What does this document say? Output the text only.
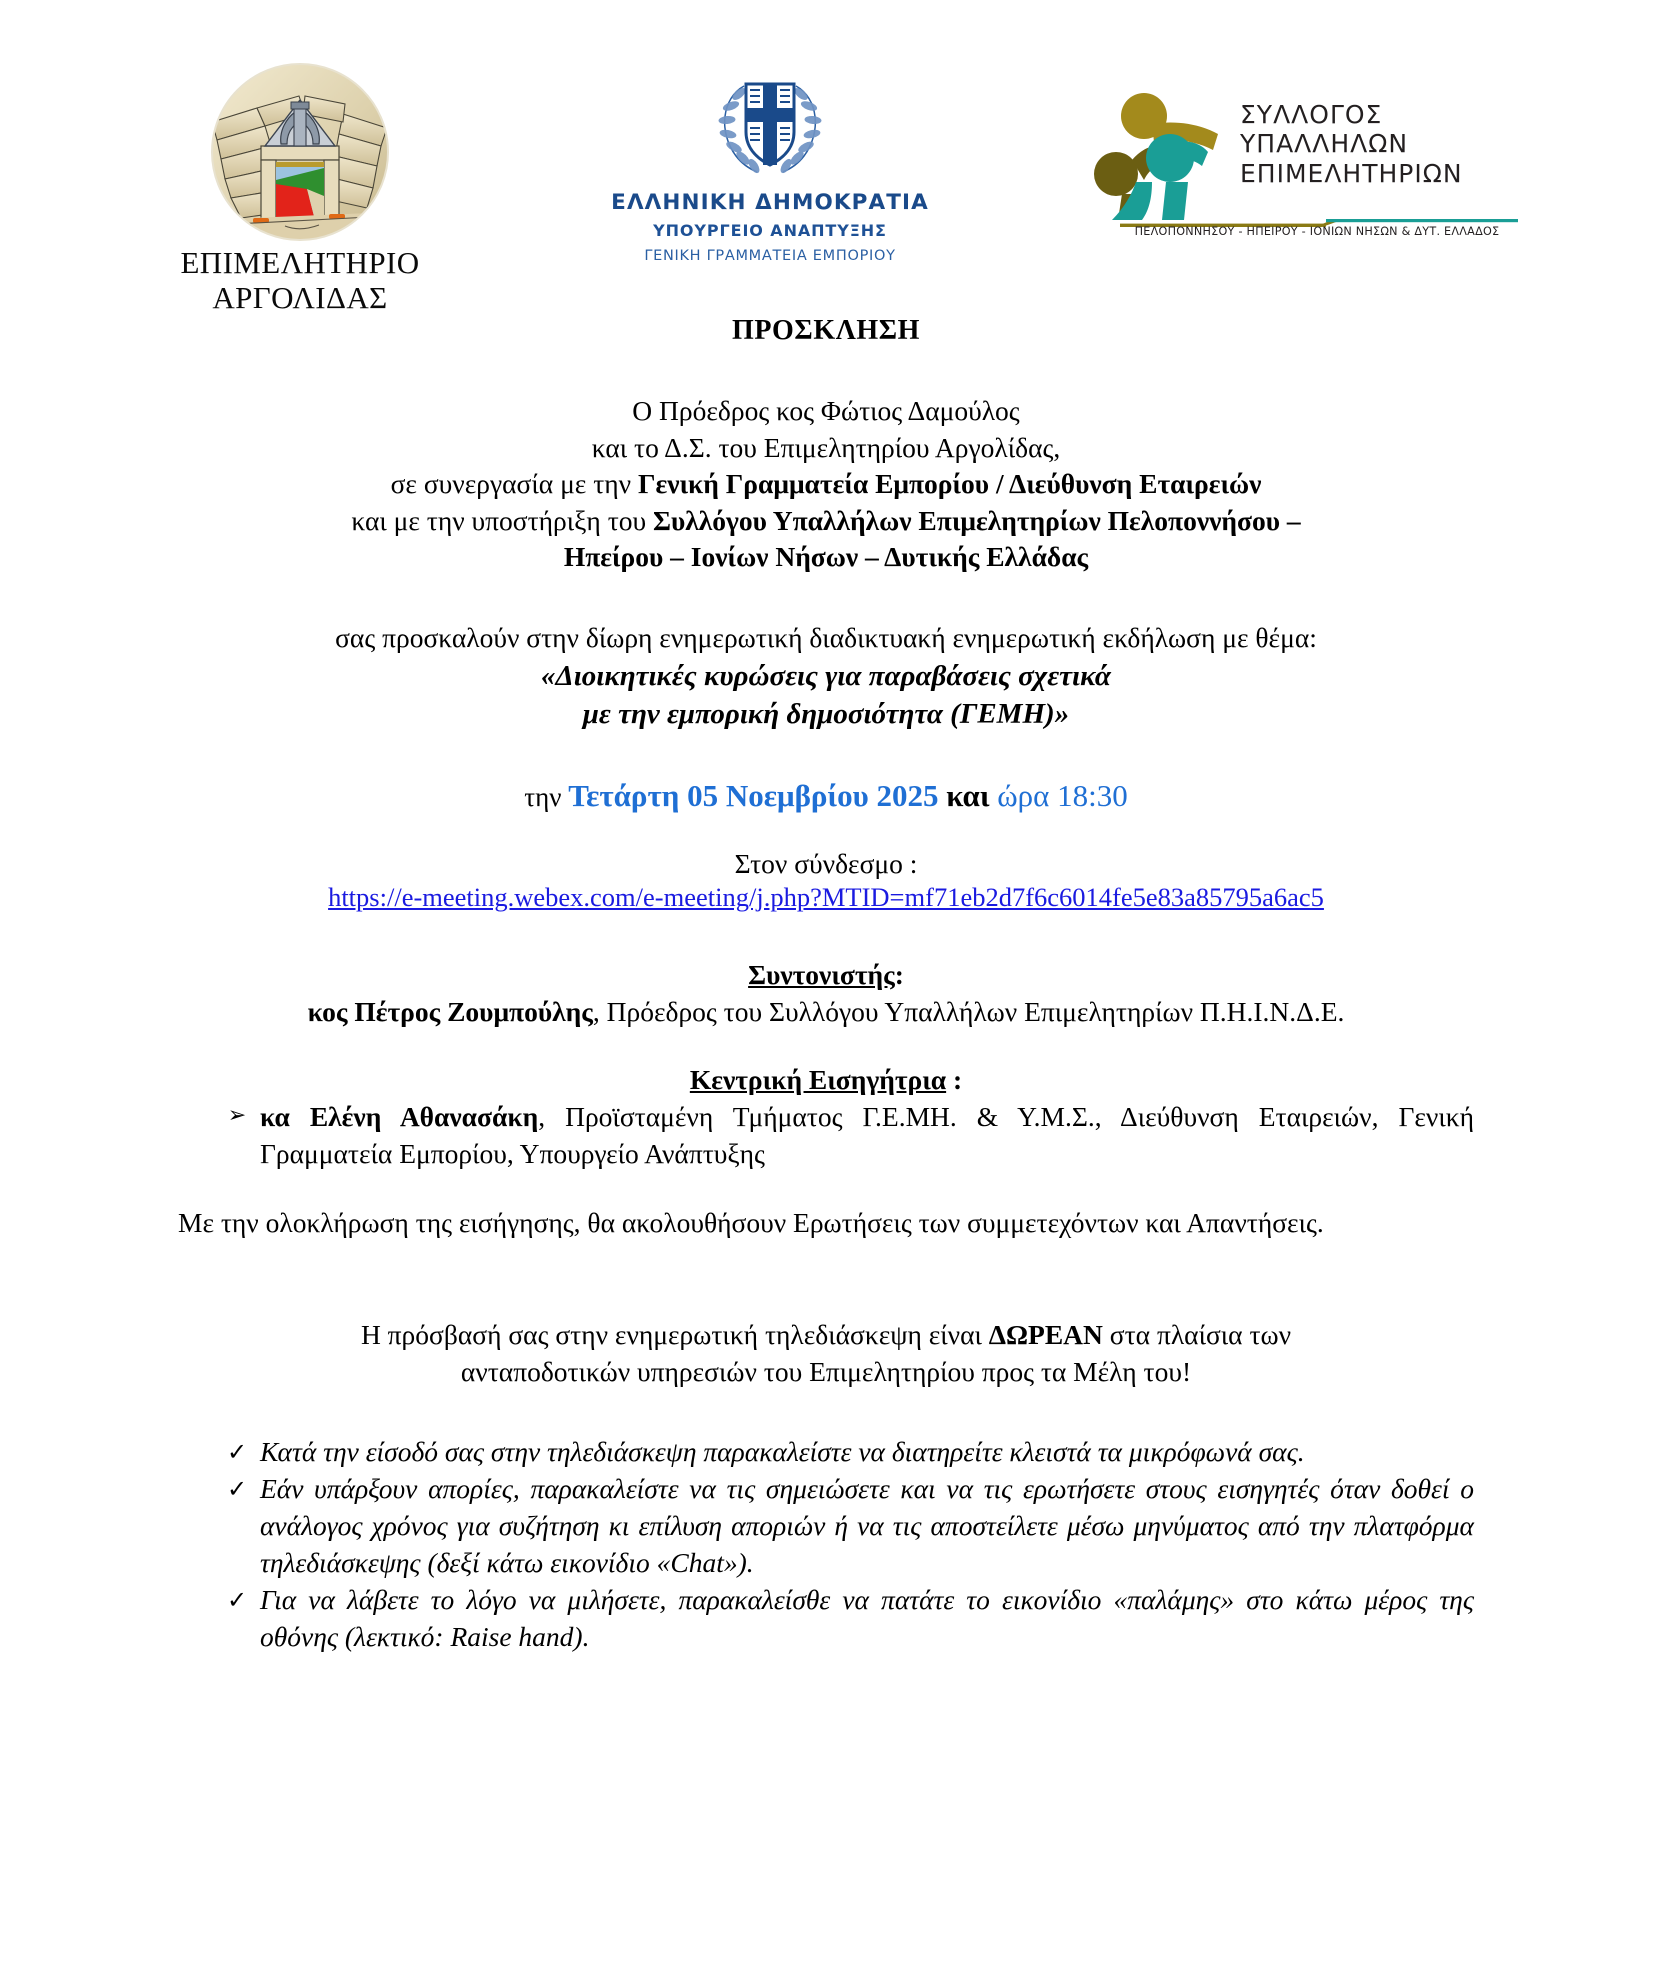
ΕΠΙΜΕΛΗΤΗΡΙΟ
ΑΡΓΟΛΙΔΑΣ
ΕΛΛΗΝΙΚΗ ΔΗΜΟΚΡΑΤΙΑ
ΥΠΟΥΡΓΕΙΟ ΑΝΑΠΤΥΞΗΣ
ΓΕΝΙΚΗ ΓΡΑΜΜΑΤΕΙΑ ΕΜΠΟΡΙΟΥ
ΣΥΛΛΟΓΟΣ
ΥΠΑΛΛΗΛΩΝ
ΕΠΙΜΕΛΗΤΗΡΙΩΝ
ΠΕΛΟΠΟΝΝΗΣΟΥ - ΗΠΕΙΡΟΥ - ΙΟΝΙΩΝ ΝΗΣΩΝ & ΔΥΤ. ΕΛΛΑΔΟΣ
ΠΡΟΣΚΛΗΣΗ
Ο Πρόεδρος κος Φώτιος Δαμούλος
και το Δ.Σ. του Επιμελητηρίου Αργολίδας,
σε συνεργασία με την Γενική Γραμματεία Εμπορίου / Διεύθυνση Εταιρειών
και με την υποστήριξη του Συλλόγου Υπαλλήλων Επιμελητηρίων Πελοποννήσου –
Ηπείρου – Ιονίων Νήσων – Δυτικής Ελλάδας
σας προσκαλούν στην δίωρη ενημερωτική διαδικτυακή ενημερωτική εκδήλωση με θέμα:
«Διοικητικές κυρώσεις για παραβάσεις σχετικά
με την εμπορική δημοσιότητα (ΓΕΜΗ)»
την Τετάρτη 05 Νοεμβρίου 2025 και ώρα 18:30
Στον σύνδεσμο :
https://e-meeting.webex.com/e-meeting/j.php?MTID=mf71eb2d7f6c6014fe5e83a85795a6ac5
Συντονιστής:
κος Πέτρος Ζουμπούλης, Πρόεδρος του Συλλόγου Υπαλλήλων Επιμελητηρίων Π.Η.Ι.Ν.Δ.Ε.
Κεντρική Εισηγήτρια :
➢ κα Ελένη Αθανασάκη, Προϊσταμένη Τμήματος Γ.Ε.ΜΗ. & Υ.Μ.Σ., Διεύθυνση Εταιρειών, Γενική Γραμματεία Εμπορίου, Υπουργείο Ανάπτυξης
Με την ολοκλήρωση της εισήγησης, θα ακολουθήσουν Ερωτήσεις των συμμετεχόντων και Απαντήσεις.
Η πρόσβασή σας στην ενημερωτική τηλεδιάσκεψη είναι ΔΩΡΕΑΝ στα πλαίσια των
ανταποδοτικών υπηρεσιών του Επιμελητηρίου προς τα Μέλη του!
✓ Κατά την είσοδό σας στην τηλεδιάσκεψη παρακαλείστε να διατηρείτε κλειστά τα μικρόφωνά σας.
✓ Εάν υπάρξουν απορίες, παρακαλείστε να τις σημειώσετε και να τις ερωτήσετε στους εισηγητές όταν δοθεί ο ανάλογος χρόνος για συζήτηση κι επίλυση αποριών ή να τις αποστείλετε μέσω μηνύματος από την πλατφόρμα τηλεδιάσκεψης (δεξί κάτω εικονίδιο «Chat»).
✓ Για να λάβετε το λόγο να μιλήσετε, παρακαλείσθε να πατάτε το εικονίδιο «παλάμης» στο κάτω μέρος της οθόνης (λεκτικό: Raise hand).
